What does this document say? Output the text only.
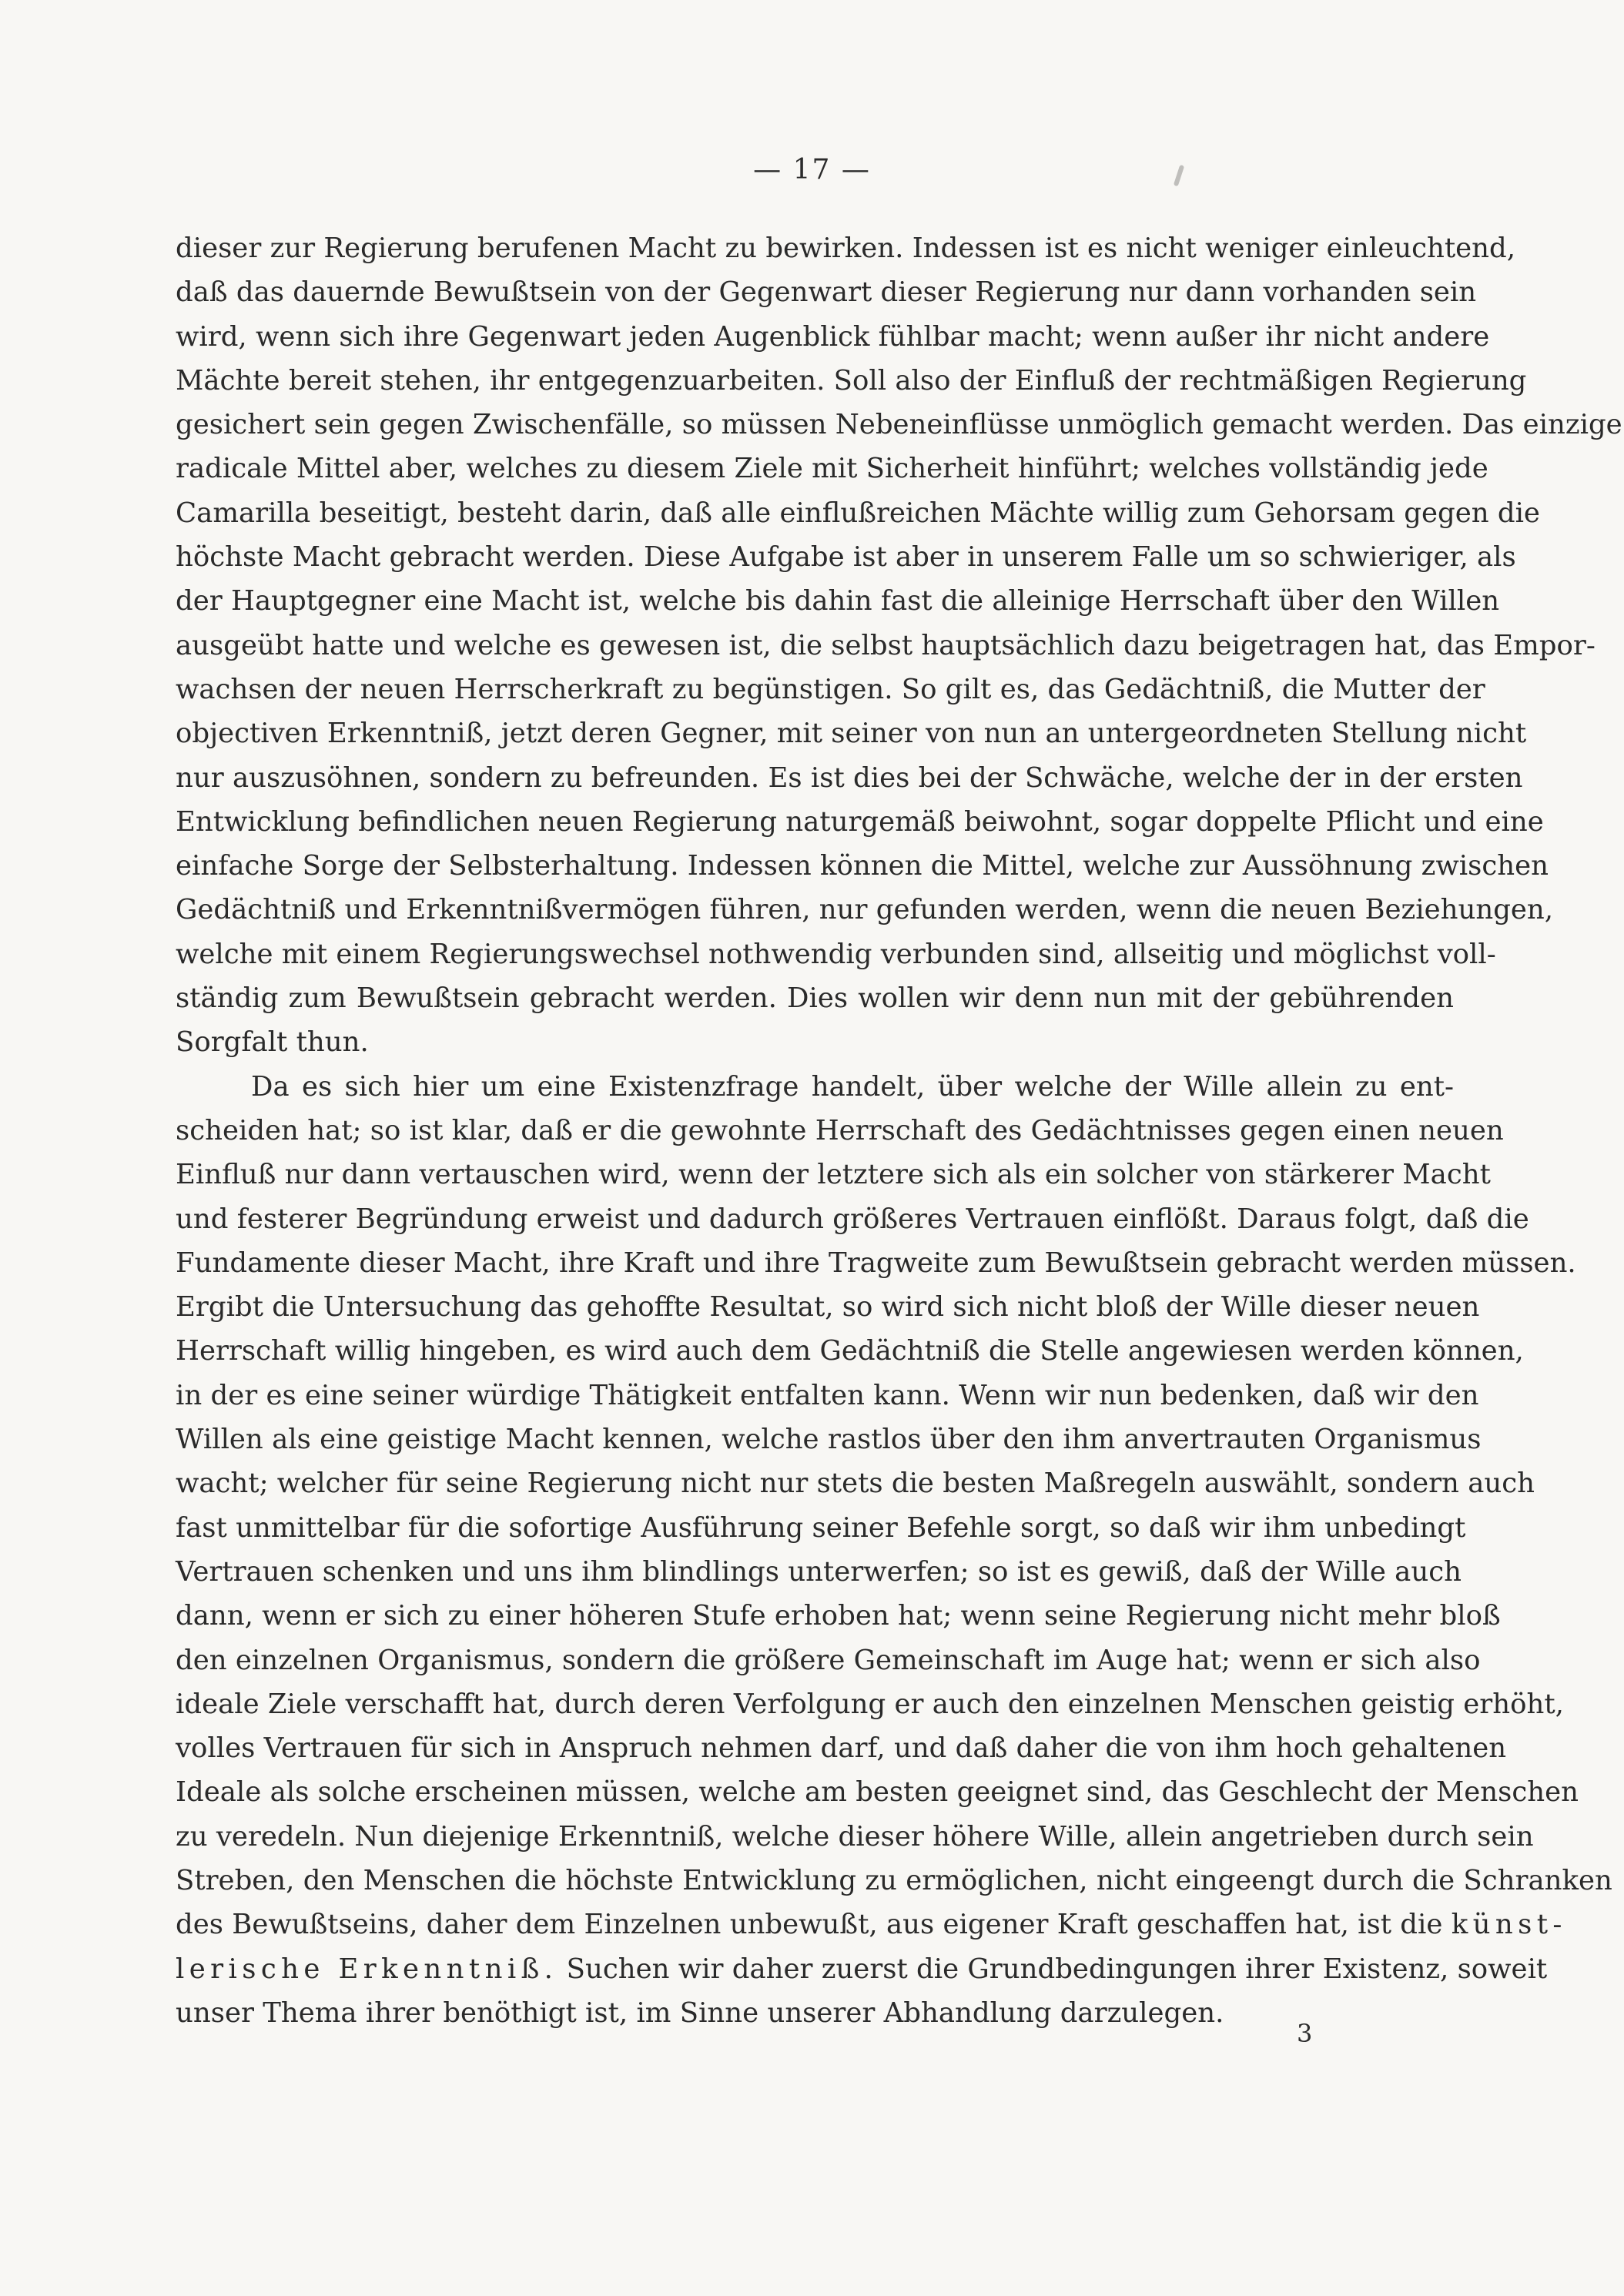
— 17 —
dieser zur Regierung berufenen Macht zu bewirken. Indessen ist es nicht weniger einleuchtend,
daß das dauernde Bewußtsein von der Gegenwart dieser Regierung nur dann vorhanden sein
wird, wenn sich ihre Gegenwart jeden Augenblick fühlbar macht; wenn außer ihr nicht andere
Mächte bereit stehen, ihr entgegenzuarbeiten. Soll also der Einfluß der rechtmäßigen Regierung
gesichert sein gegen Zwischenfälle, so müssen Nebeneinflüsse unmöglich gemacht werden. Das einzige
radicale Mittel aber, welches zu diesem Ziele mit Sicherheit hinführt; welches vollständig jede
Camarilla beseitigt, besteht darin, daß alle einflußreichen Mächte willig zum Gehorsam gegen die
höchste Macht gebracht werden. Diese Aufgabe ist aber in unserem Falle um so schwieriger, als
der Hauptgegner eine Macht ist, welche bis dahin fast die alleinige Herrschaft über den Willen
ausgeübt hatte und welche es gewesen ist, die selbst hauptsächlich dazu beigetragen hat, das Empor-
wachsen der neuen Herrscherkraft zu begünstigen. So gilt es, das Gedächtniß, die Mutter der
objectiven Erkenntniß, jetzt deren Gegner, mit seiner von nun an untergeordneten Stellung nicht
nur auszusöhnen, sondern zu befreunden. Es ist dies bei der Schwäche, welche der in der ersten
Entwicklung befindlichen neuen Regierung naturgemäß beiwohnt, sogar doppelte Pflicht und eine
einfache Sorge der Selbsterhaltung. Indessen können die Mittel, welche zur Aussöhnung zwischen
Gedächtniß und Erkenntnißvermögen führen, nur gefunden werden, wenn die neuen Beziehungen,
welche mit einem Regierungswechsel nothwendig verbunden sind, allseitig und möglichst voll-
ständig zum Bewußtsein gebracht werden. Dies wollen wir denn nun mit der gebührenden
Sorgfalt thun.
Da es sich hier um eine Existenzfrage handelt, über welche der Wille allein zu ent-
scheiden hat; so ist klar, daß er die gewohnte Herrschaft des Gedächtnisses gegen einen neuen
Einfluß nur dann vertauschen wird, wenn der letztere sich als ein solcher von stärkerer Macht
und festerer Begründung erweist und dadurch größeres Vertrauen einflößt. Daraus folgt, daß die
Fundamente dieser Macht, ihre Kraft und ihre Tragweite zum Bewußtsein gebracht werden müssen.
Ergibt die Untersuchung das gehoffte Resultat, so wird sich nicht bloß der Wille dieser neuen
Herrschaft willig hingeben, es wird auch dem Gedächtniß die Stelle angewiesen werden können,
in der es eine seiner würdige Thätigkeit entfalten kann. Wenn wir nun bedenken, daß wir den
Willen als eine geistige Macht kennen, welche rastlos über den ihm anvertrauten Organismus
wacht; welcher für seine Regierung nicht nur stets die besten Maßregeln auswählt, sondern auch
fast unmittelbar für die sofortige Ausführung seiner Befehle sorgt, so daß wir ihm unbedingt
Vertrauen schenken und uns ihm blindlings unterwerfen; so ist es gewiß, daß der Wille auch
dann, wenn er sich zu einer höheren Stufe erhoben hat; wenn seine Regierung nicht mehr bloß
den einzelnen Organismus, sondern die größere Gemeinschaft im Auge hat; wenn er sich also
ideale Ziele verschafft hat, durch deren Verfolgung er auch den einzelnen Menschen geistig erhöht,
volles Vertrauen für sich in Anspruch nehmen darf, und daß daher die von ihm hoch gehaltenen
Ideale als solche erscheinen müssen, welche am besten geeignet sind, das Geschlecht der Menschen
zu veredeln. Nun diejenige Erkenntniß, welche dieser höhere Wille, allein angetrieben durch sein
Streben, den Menschen die höchste Entwicklung zu ermöglichen, nicht eingeengt durch die Schranken
des Bewußtseins, daher dem Einzelnen unbewußt, aus eigener Kraft geschaffen hat, ist die künst-
lerische Erkenntniß. Suchen wir daher zuerst die Grundbedingungen ihrer Existenz, soweit
unser Thema ihrer benöthigt ist, im Sinne unserer Abhandlung darzulegen.
3
